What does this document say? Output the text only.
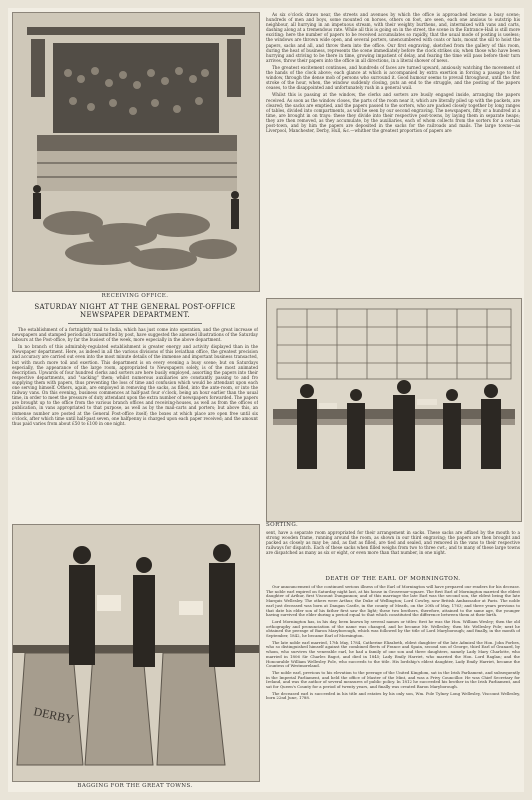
RECEIVING OFFICE.

As six o'clock draws near, the streets and avenues by which the office is approached become a busy scene; hundreds of men and boys, some mounted on horses, others on foot, are seen, each one anxious to outstrip his neighbour, all hurrying in an impetuous stream, with their weighty burthens, and, intermixed with vans and carts, dashing along at a tremendous rate. While all this is going on in the street, the scene in the Entrance-Hall is still more exciting: here the number of papers to be received accumulates so rapidly, that the usual mode of posting is useless; the windows are thrown wide open, and several porters, unencumbered with coats or hats, mount the sill to hoist the papers, sacks and all, and throw them into the office. Our first engraving, sketched from the gallery of this room, during the heat of business, represents the scene immediately before the clock strikes six; when those who have been hurrying and striving to be there in time, growing impatient of delay, and fearing the time will pass before their turn arrives, throw their papers into the office in all directions, in a literal shower of news.

The greatest excitement continues, and hundreds of faces are turned upward, anxiously watching the movement of the hands of the clock above; each glance at which is accompanied by extra exertion in forcing a passage to the window, through the dense mob of persons who surround it. Good humour seems to prevail throughout, until the first stroke of the hour, when, the window suddenly closing, puts an end to the struggle, and the posting of the papers ceases, to the disappointed and unfortunately rush in a general wail.

Whilst this is passing at the window, the clerks and sorters are busily engaged inside, arranging the papers received. As soon as the window closes, the parts of the room near it, which are literally piled up with the packets, are cleared; the sacks are emptied, and the papers passed to the sorters, who are packed closely together by long ranges of tables, divided into compartments, as will be seen by our second engraving. The newspapers, fifty or a hundred at a time, are brought in on trays: these they divide into their respective post-towns, by laying them in separate heaps; they are then removed, as they accumulate, by the auxiliaries, each of whom collects from the sorters for a certain post-town, and by him the papers are deposited in the sacks for the railroads and mails. The large towns—as Liverpool, Manchester, Derby, Hull, &c.—whither the greatest proportion of papers are

SATURDAY NIGHT AT THE GENERAL POST-OFFICE NEWSPAPER DEPARTMENT.

The establishment of a fortnightly mail to India, which has just come into operation, and the great increase of newspapers and stamped periodicals transmitted by post, have suggested the annexed illustrations of the Saturday labours at the Post-office, by far the busiest of the week, more especially in the above department.

In no branch of this admirably-regulated establishment is greater energy and activity displayed than in the Newspaper department. Here, as indeed in all the various divisions of this leviathan office, the greatest precision and accuracy are carried out even into the most minute details of the immense and important business transacted, but with much more toil and exertion. This department is on every evening a busy scene; but on Saturdays especially, the appearance of the large room, appropriated to Newspapers solely, is of the most animated description. Upwards of four hundred clerks and sorters are here busily employed, assorting the papers into their respective departments, and "sacking" them; whilst numerous auxiliaries are constantly passing to and fro supplying them with papers, thus preventing the loss of time and confusion which would be attendant upon each one serving himself. Others, again, are employed in removing the sacks, as filled, into the ante-room, or into the railway vans. On this evening, business commences at half-past four o'clock, being an hour earlier than the usual time, in order to meet the pressure of duty attendant upon the extra number of newspapers forwarded. The papers are brought up to the office from the various branch offices and receiving-houses, as well as from the offices of publication, in vans appropriated to that purpose, as well as by the mail-carts and porters; but above this, an immense number are posted at the General Post-office itself; the boxes at which place are open free until six o'clock, after which time until half-past seven, one halfpenny is charged upon each paper received; and the amount thus paid varies from about £50 to £100 in one night.

SORTING.
DERBY
BAGGING FOR THE GREAT TOWNS.

sent, have a separate room appropriated for their arrangement in sacks. These sacks are affixed by the mouth to a strong wooden frame, running around the room, as shown in our third engraving; the papers are then brought and packed as closely as may be; and, as fast as filled, are tied and sealed, and removed in the vans to their respective railways for dispatch. Each of these sacks when filled weighs from two to three cwt.; and to many of these large towns are dispatched as many as six or eight, or even more than that number, in one night.

DEATH OF THE EARL OF MORNINGTON.

Our announcement of the continued serious illness of the Earl of Mornington will have prepared our readers for his decease. The noble earl expired on Saturday night last, at his house in Grosvenor-square. The first Earl of Mornington married the eldest daughter of Arthur, first Viscount Dungannon; and of this marriage the late Earl was the second son, the eldest being the late Marquis Wellesley. The others were Arthur, the Duke of Wellington; Lord Cowley, now British Ambassador at Paris. The noble earl just deceased was born at Dangan Castle, in the county of Meath, on the 20th of May, 1763; and three years previous to that date his elder son of his father first saw the light; these two brothers, therefore, attained to the same age, the younger having survived the elder during a period equal to that which constituted the difference between them at their birth.

Lord Mornington has, in his day, been known by several names or titles: first he was the Hon. William Wesley; then the old orthography and pronunciation of the name was changed, and he became Mr. Wellesley; then Mr. Wellesley Pole; next he obtained the peerage of Baron Maryborough, which was followed by the title of Lord Maryborough; and finally, in the month of September, 1842, he became Earl of Mornington.

The late noble earl married, 17th May, 1784, Catherine Elizabeth, eldest daughter of the late Admiral the Hon. John Forbes, who so distinguished himself against the combined fleets of France and Spain, second son of George, third Earl of Granard, by whom, who survives the venerable earl, he had a family of one son and three daughters, namely Lady Mary Charlotte, who married in 1806 Sir Charles Bagot, and died in 1845; Lady Emily Harriet, who married the Hon. Lord Raglan; and the Honourable William Wellesley Pole, who succeeds to the title. His lordship's eldest daughter, Lady Emily Harriet, became the Countess of Westmoreland.

The noble earl, previous to his elevation to the peerage of the United Kingdom, sat in the Irish Parliament, and subsequently in the Imperial Parliament, and held the office of Master of the Mint, and was a Privy Councillor. He was Chief Secretary for Ireland, and was the author of several measures of public policy. In 1812 he succeeded his brother in the Irish Parliament, and sat for Queen's County for a period of twenty years, and finally was created Baron Maryborough.

The deceased earl is succeeded in his title and estates by his only son, Wm. Pole Tylney Long Wellesley, Viscount Wellesley, born 22nd June, 1788.
